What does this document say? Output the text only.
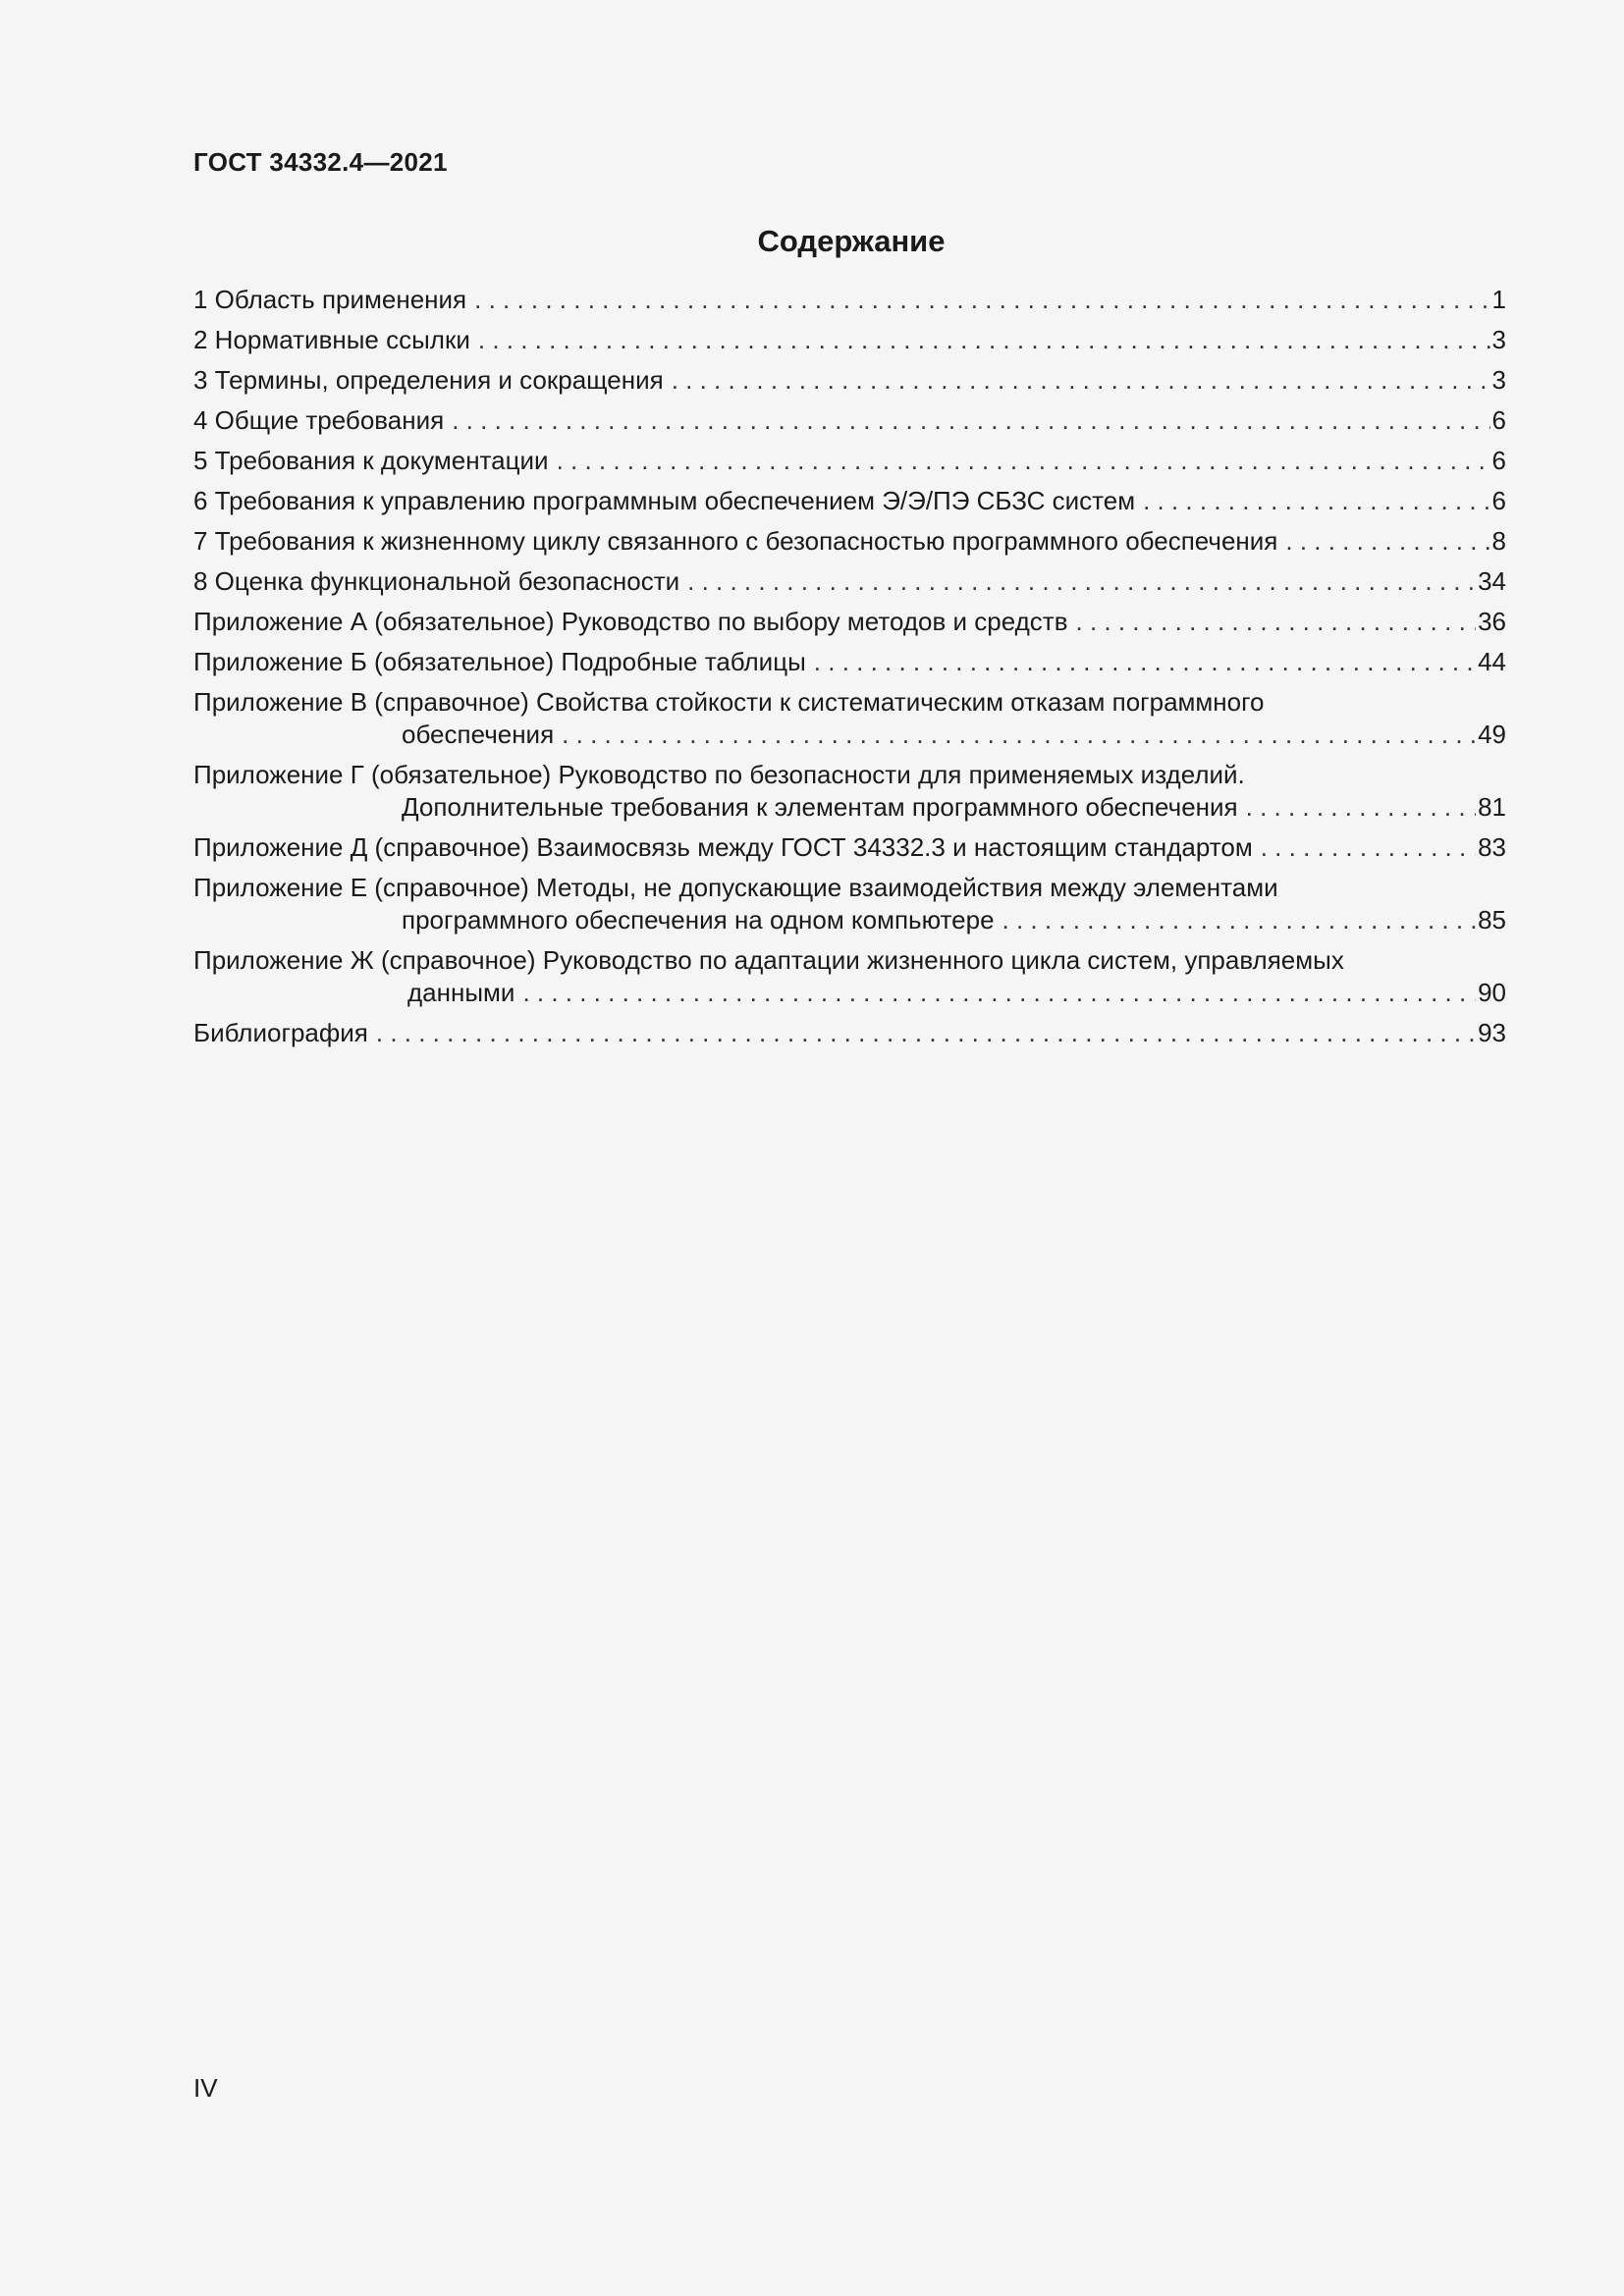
ГОСТ 34332.4—2021
Содержание
1 Область применения . . .	1
2 Нормативные ссылки . . .	3
3 Термины, определения и сокращения . . .	3
4 Общие требования . . .	6
5 Требования к документации . . .	6
6 Требования к управлению программным обеспечением Э/Э/ПЭ СБЗС систем . . .	6
7 Требования к жизненному циклу связанного с безопасностью программного обеспечения . . .	8
8 Оценка функциональной безопасности . . .	34
Приложение А (обязательное) Руководство по выбору методов и средств . . .	36
Приложение Б (обязательное) Подробные таблицы . . .	44
Приложение В (справочное) Свойства стойкости к систематическим отказам пограммного
обеспечения . . .	49
Приложение Г (обязательное) Руководство по безопасности для применяемых изделий.
Дополнительные требования к элементам программного обеспечения . . .	81
Приложение Д (справочное) Взаимосвязь между ГОСТ 34332.3 и настоящим стандартом . . .	83
Приложение Е (справочное) Методы, не допускающие взаимодействия между элементами
программного обеспечения на одном компьютере . . .	85
Приложение Ж (справочное) Руководство по адаптации жизненного цикла систем, управляемых
данными . . .	90
Библиография . . .	93
IV
